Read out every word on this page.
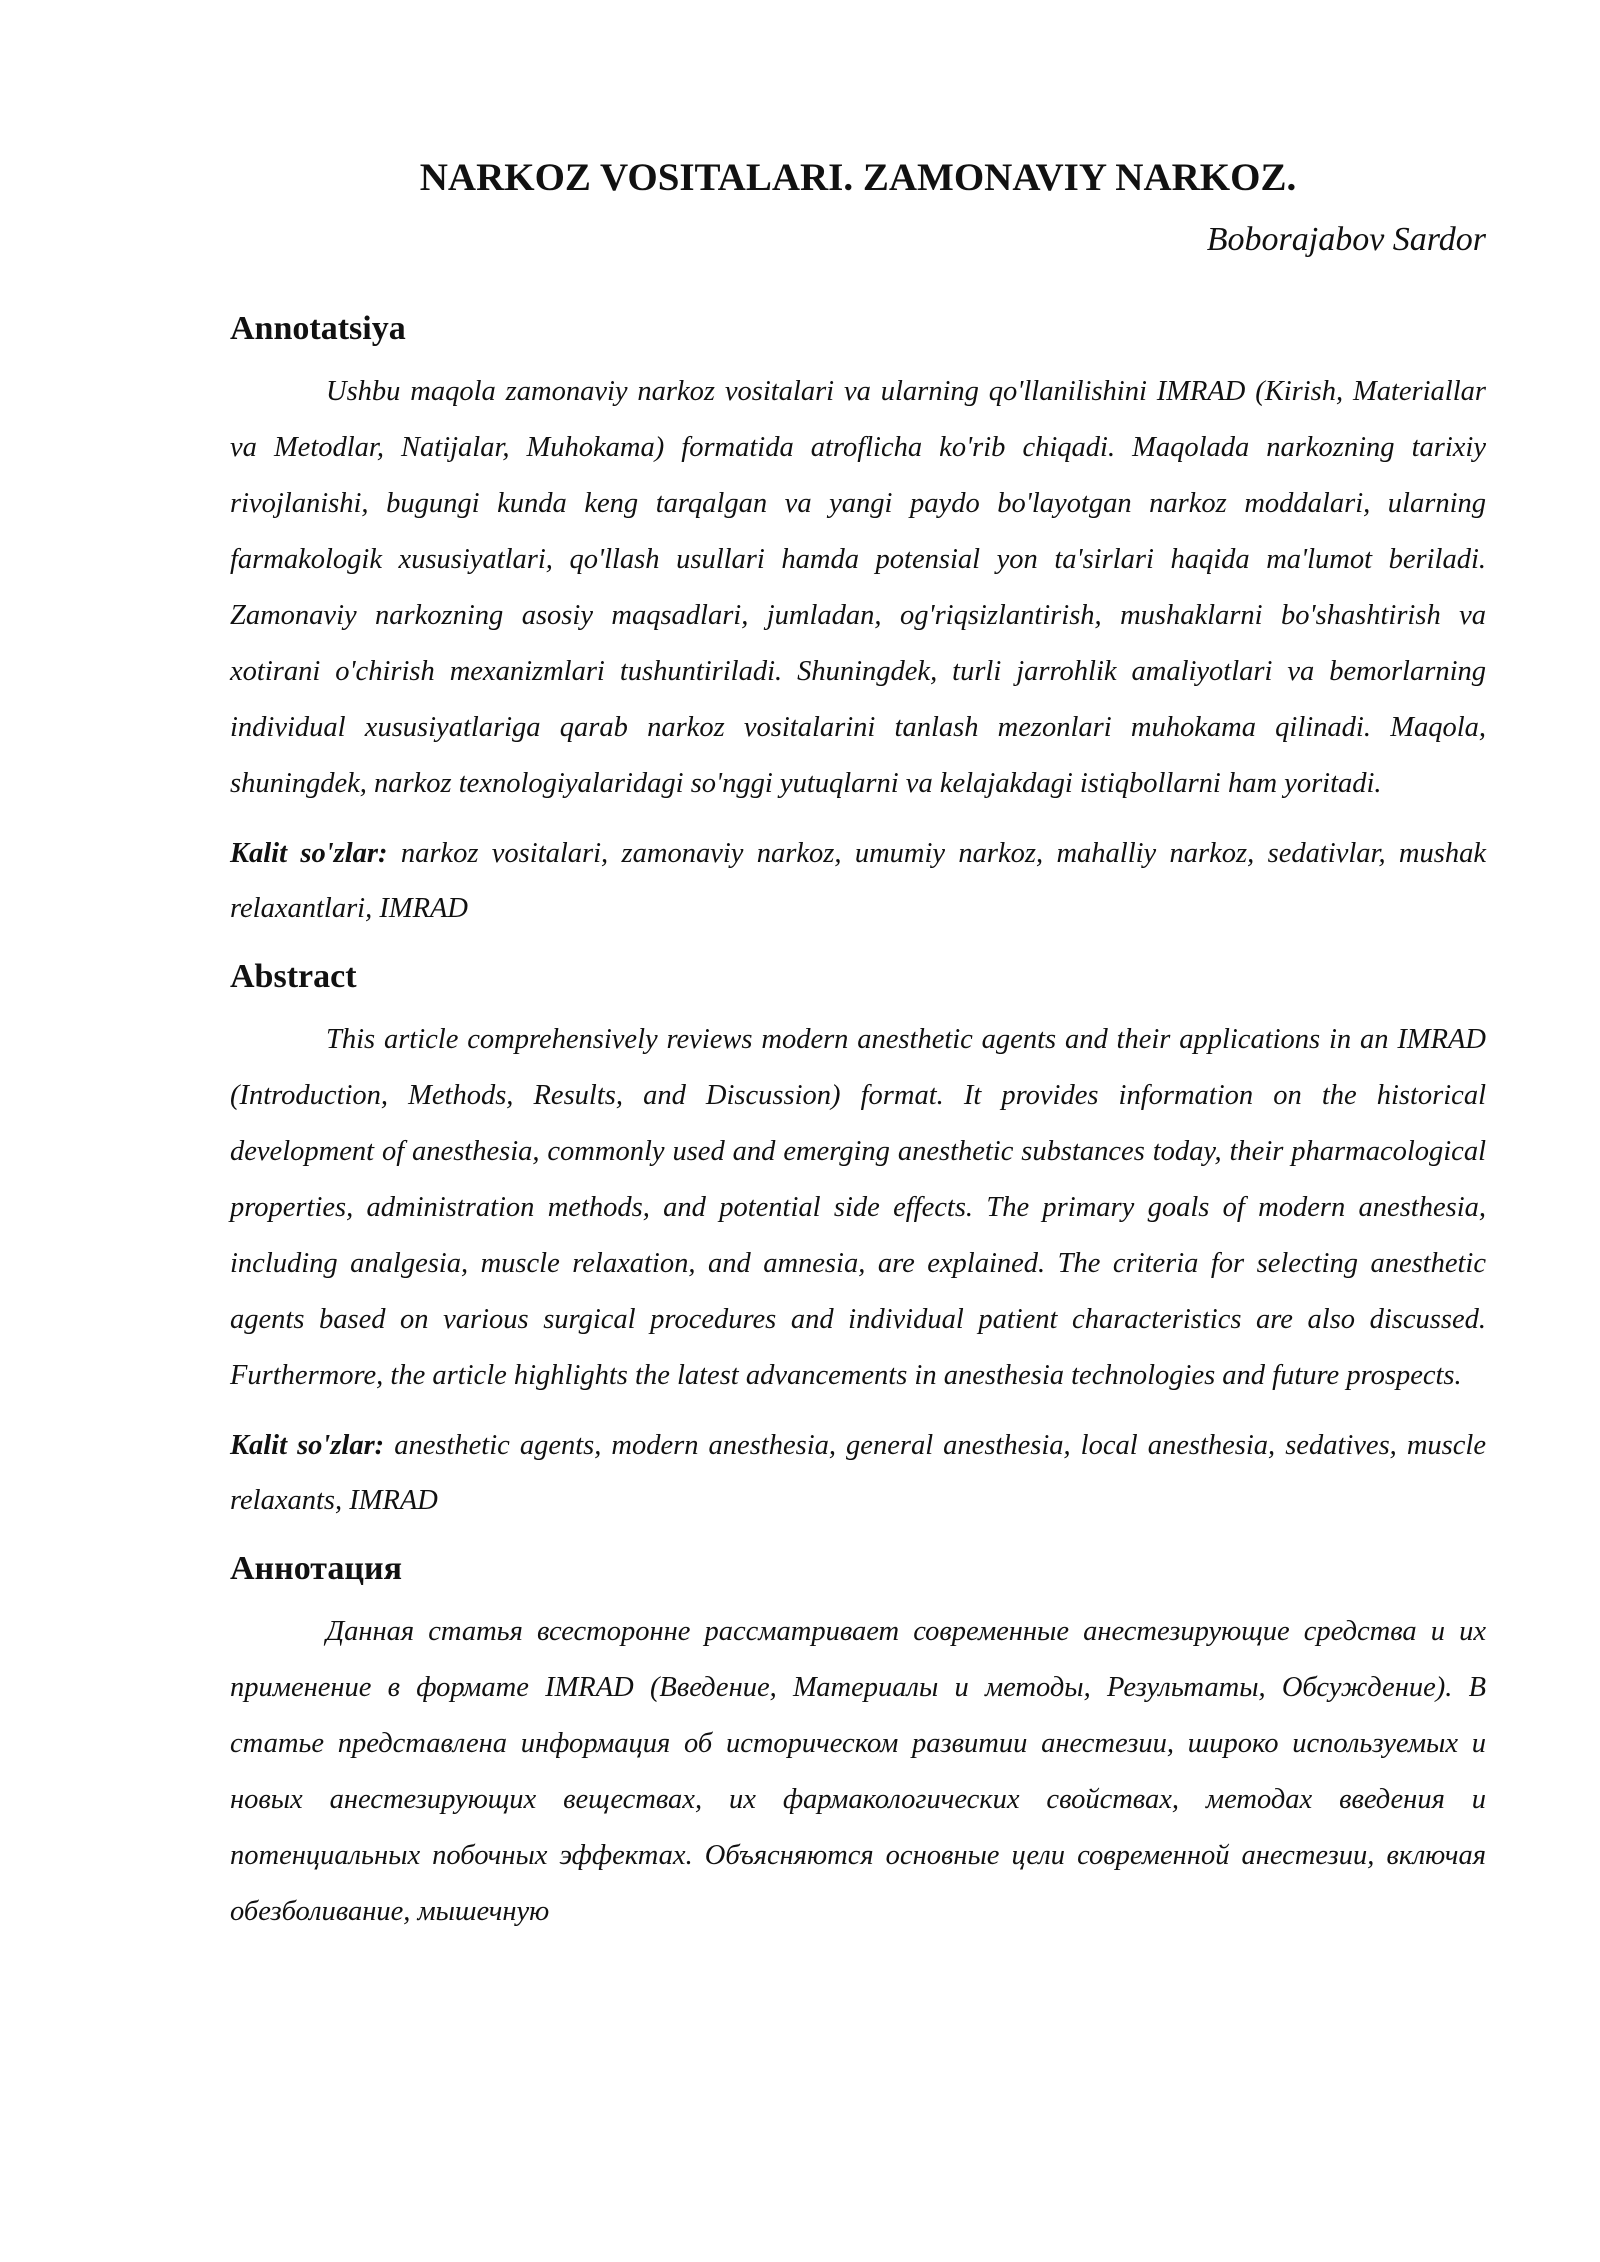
NARKOZ VOSITALARI. ZAMONAVIY NARKOZ.
Boborajabov Sardor
Annotatsiya

Ushbu maqola zamonaviy narkoz vositalari va ularning qo'llanilishini IMRAD (Kirish, Materiallar va Metodlar, Natijalar, Muhokama) formatida atroflicha ko'rib chiqadi. Maqolada narkozning tarixiy rivojlanishi, bugungi kunda keng tarqalgan va yangi paydo bo'layotgan narkoz moddalari, ularning farmakologik xususiyatlari, qo'llash usullari hamda potensial yon ta'sirlari haqida ma'lumot beriladi. Zamonaviy narkozning asosiy maqsadlari, jumladan, og'riqsizlantirish, mushaklarni bo'shashtirish va xotirani o'chirish mexanizmlari tushuntiriladi. Shuningdek, turli jarrohlik amaliyotlari va bemorlarning individual xususiyatlariga qarab narkoz vositalarini tanlash mezonlari muhokama qilinadi. Maqola, shuningdek, narkoz texnologiyalaridagi so'nggi yutuqlarni va kelajakdagi istiqbollarni ham yoritadi.

Kalit so'zlar: narkoz vositalari, zamonaviy narkoz, umumiy narkoz, mahalliy narkoz, sedativlar, mushak relaxantlari, IMRAD

Abstract

This article comprehensively reviews modern anesthetic agents and their applications in an IMRAD (Introduction, Methods, Results, and Discussion) format. It provides information on the historical development of anesthesia, commonly used and emerging anesthetic substances today, their pharmacological properties, administration methods, and potential side effects. The primary goals of modern anesthesia, including analgesia, muscle relaxation, and amnesia, are explained. The criteria for selecting anesthetic agents based on various surgical procedures and individual patient characteristics are also discussed. Furthermore, the article highlights the latest advancements in anesthesia technologies and future prospects.

Kalit so'zlar: anesthetic agents, modern anesthesia, general anesthesia, local anesthesia, sedatives, muscle relaxants, IMRAD

Аннотация

Данная статья всесторонне рассматривает современные анестезирующие средства и их применение в формате IMRAD (Введение, Материалы и методы, Результаты, Обсуждение). В статье представлена информация об историческом развитии анестезии, широко используемых и новых анестезирующих веществах, их фармакологических свойствах, методах введения и потенциальных побочных эффектах. Объясняются основные цели современной анестезии, включая обезболивание, мышечную
